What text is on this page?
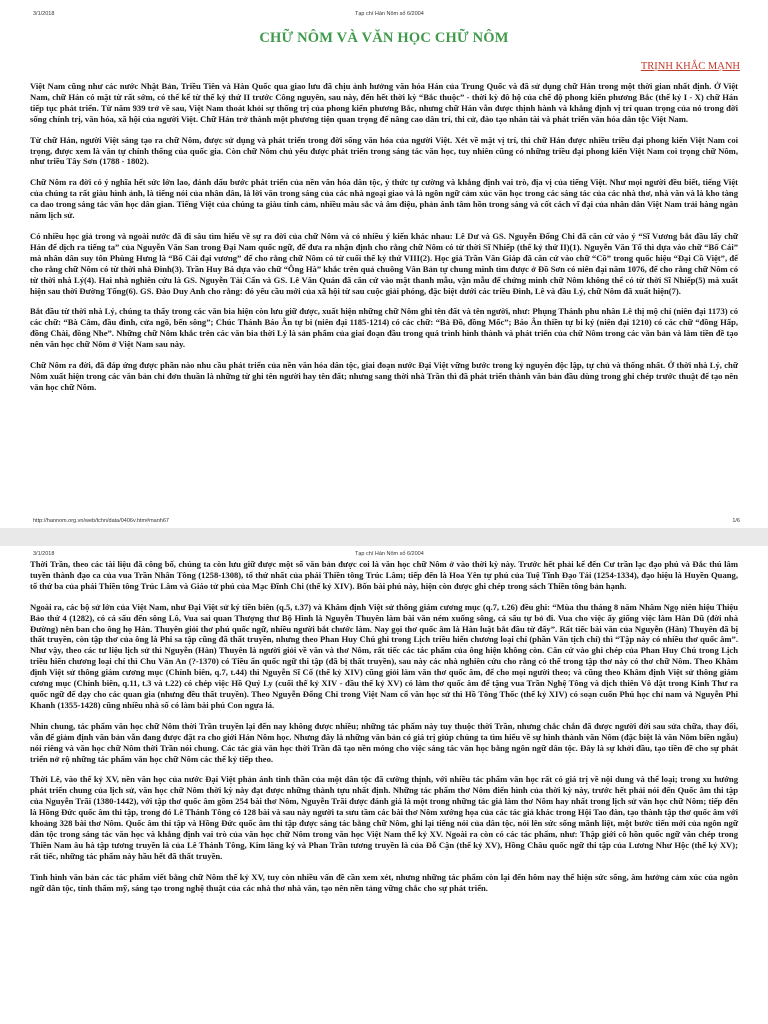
3/1/2018	Tạp chí Hán Nôm số 6/2004
CHỮ NÔM VÀ VĂN HỌC CHỮ NÔM
TRỊNH KHẮC MẠNH

Việt Nam cũng như các nước Nhật Bản, Triều Tiên và Hàn Quốc qua giao lưu đã chịu ảnh hưởng văn hóa Hán của Trung Quốc và đã sử dụng chữ Hán trong một thời gian nhất định. Ở Việt Nam, chữ Hán có mặt từ rất sớm, có thể kể từ thế kỷ thứ II trước Công nguyên, sau này, đến hết thời kỳ “Bắc thuộc” - thời kỳ đô hộ của chế độ phong kiến phương Bắc (thế kỷ I - X) chữ Hán tiếp tục phát triển. Từ năm 939 trở về sau, Việt Nam thoát khỏi sự thống trị của phong kiến phương Bắc, nhưng chữ Hán vẫn được thịnh hành và khẳng định vị trí quan trọng của nó trong đời sống chính trị, văn hóa, xã hội của người Việt. Chữ Hán trở thành một phương tiện quan trọng để nâng cao dân trí, thi cử, đào tạo nhân tài và phát triển văn hóa dân tộc Việt Nam.

Từ chữ Hán, người Việt sáng tạo ra chữ Nôm, được sử dụng và phát triển trong đời sống văn hóa của người Việt. Xét về mặt vị trí, thì chữ Hán được nhiều triều đại phong kiến Việt Nam coi trọng, được xem là văn tự chính thống của quốc gia. Còn chữ Nôm chủ yếu được phát triển trong sáng tác văn học, tuy nhiên cũng có những triều đại phong kiến Việt Nam coi trọng chữ Nôm, như triều Tây Sơn (1788 - 1802).

Chữ Nôm ra đời có ý nghĩa hết sức lớn lao, đánh dấu bước phát triển của nền văn hóa dân tộc, ý thức tự cường và khẳng định vai trò, địa vị của tiếng Việt. Như mọi người đều biết, tiếng Việt của chúng ta rất giàu hình ảnh, là tiếng nói của nhân dân, là lời văn trong sáng của các nhà ngoại giao và là ngôn ngữ cảm xúc văn học trong các sáng tác của các nhà thơ, nhà văn và là kho tàng ca dao trong sáng tác văn học dân gian. Tiếng Việt của chúng ta giàu tính cảm, nhiều màu sắc và âm điệu, phản ánh tâm hồn trong sáng và cốt cách vĩ đại của nhân dân Việt Nam trải hàng ngàn năm lịch sử.

Có nhiều học giả trong và ngoài nước đã đi sâu tìm hiểu về sự ra đời của chữ Nôm và có nhiều ý kiến khác nhau: Lê Dư và GS. Nguyễn Đổng Chi đã căn cứ vào ý “Sĩ Vương bắt đầu lấy chữ Hán để dịch ra tiếng ta” của Nguyễn Văn San trong Đại Nam quốc ngữ, để đưa ra nhận định cho rằng chữ Nôm có từ thời Sĩ Nhiếp (thế kỷ thứ II)(1). Nguyễn Văn Tố thì dựa vào chữ “Bố Cái” mà nhân dân suy tôn Phùng Hưng là “Bố Cái đại vương” để cho rằng chữ Nôm có từ cuối thế kỷ thứ VIII(2). Học giả Trần Văn Giáp đã căn cứ vào chữ “Cồ” trong quốc hiệu “Đại Cồ Việt”, để cho rằng chữ Nôm có từ thời nhà Đinh(3). Trần Huy Bá dựa vào chữ “Ông Hà” khắc trên quả chuông Vân Bản tự chung minh tìm được ở Đồ Sơn có niên đại năm 1076, để cho rằng chữ Nôm có từ thời nhà Lý(4). Hai nhà nghiên cứu là GS. Nguyễn Tài Cẩn và GS. Lê Văn Quán đã căn cứ vào mặt thanh mẫu, vận mẫu để chứng minh chữ Nôm không thể có từ thời Sĩ Nhiếp(5) mà xuất hiện sau thời Đường Tống(6). GS. Đào Duy Anh cho rằng: đó yếu cầu mới của xã hội từ sau cuộc giải phóng, đặc biệt dưới các triều Đinh, Lê và đầu Lý, chữ Nôm đã xuất hiện(7).

Bắt đầu từ thời nhà Lý, chúng ta thấy trong các văn bia hiện còn lưu giữ được, xuất hiện những chữ Nôm ghi tên đất và tên người, như: Phụng Thánh phu nhân Lê thị mộ chí (niên đại 1173) có các chữ: “Bà Câm, đầu đình, cửa ngõ, bến sông”; Chúc Thánh Báo Ân tự bi (niên đại 1185-1214) có các chữ: “Bà Đồ, đồng Mốc”; Báo Ân thiền tự bi ký (niên đại 1210) có các chữ “đồng Hấp, đồng Chài, đồng Nhe”. Những chữ Nôm khắc trên các văn bia thời Lý là sản phẩm của giai đoạn đầu trong quá trình hình thành và phát triển của chữ Nôm trong các văn bản và làm tiền đề tạo nên văn học chữ Nôm ở Việt Nam sau này.

Chữ Nôm ra đời, đã đáp ứng được phần nào nhu cầu phát triển của nền văn hóa dân tộc, giai đoạn nước Đại Việt vững bước trong kỷ nguyên độc lập, tự chủ và thống nhất. Ở thời nhà Lý, chữ Nôm xuất hiện trong các văn bản chỉ đơn thuần là những từ ghi tên người hay tên đất; nhưng sang thời nhà Trần thì đã phát triển thành văn bản đầu dùng trong ghi chép trước thuật để tạo nên văn học chữ Nôm.

http://hannom.org.vn/web/tchn/data/0406v.htm#manh67	1/6
3/1/2018	Tạp chí Hán Nôm số 6/2004

Thời Trần, theo các tài liệu đã công bố, chúng ta còn lưu giữ được một số văn bản được coi là văn học chữ Nôm ở vào thời kỳ này. Trước hết phải kể đến Cư trần lạc đạo phú và Đắc thú lâm tuyền thành đạo ca của vua Trần Nhân Tông (1258-1308), tổ thứ nhất của phái Thiền tông Trúc Lâm; tiếp đến là Hoa Yên tự phú của Tuệ Tĩnh Đạo Tái (1254-1334), đạo hiệu là Huyền Quang, tổ thứ ba của phái Thiền tông Trúc Lâm và Giáo tử phú của Mạc Đĩnh Chi (thế kỷ XIV). Bốn bài phú này, hiện còn được ghi chép trong sách Thiền tông bản hạnh.

Ngoài ra, các bộ sử lớn của Việt Nam, như Đại Việt sử ký tiền biên (q.5, t.37) và Khâm định Việt sử thông giám cương mục (q.7, t.26) đều ghi: “Mùa thu tháng 8 năm Nhâm Ngọ niên hiệu Thiệu Bảo thứ 4 (1282), có cá sấu đến sông Lô, Vua sai quan Thượng thư Bộ Hình là Nguyễn Thuyên làm bài văn ném xuống sông, cá sấu tự bỏ đi. Vua cho việc ấy giống việc làm Hàn Dũ (đời nhà Đường) nên ban cho ông họ Hàn. Thuyên giỏi thơ phú quốc ngữ, nhiều người bắt chước làm. Nay gọi thơ quốc âm là Hàn luật bắt đầu từ đấy”. Rất tiếc bài văn của Nguyễn (Hàn) Thuyên đã bị thất truyền, còn tập thơ của ông là Phi sa tập cũng đã thất truyền, nhưng theo Phan Huy Chú ghi trong Lịch triều hiến chương loại chí (phần Văn tịch chí) thì “Tập này có nhiều thơ quốc âm”. Như vậy, theo các tư liệu lịch sử thì Nguyễn (Hàn) Thuyên là người giỏi về văn và thơ Nôm, rất tiếc các tác phẩm của ông hiện không còn. Căn cứ vào ghi chép của Phan Huy Chú trong Lịch triều hiến chương loại chí thì Chu Văn An (?-1370) có Tiều ẩn quốc ngữ thi tập (đã bị thất truyền), sau này các nhà nghiên cứu cho rằng có thể trong tập thơ này có thơ chữ Nôm. Theo Khâm định Việt sử thông giám cương mục (Chính biên, q.7, t.44) thì Nguyễn Sĩ Cố (thế kỷ XIV) cũng giỏi làm văn thơ quốc âm, để cho mọi người theo; và cũng theo Khâm định Việt sử thông giám cương mục (Chính biên, q.11, t.3 và t.22) có chép việc Hồ Quý Ly (cuối thế kỷ XIV - đầu thế kỷ XV) có làm thơ quốc âm để tặng vua Trần Nghệ Tông và dịch thiên Vô dật trong Kinh Thư ra quốc ngữ để dạy cho các quan gia (nhưng đều thất truyền). Theo Nguyễn Đổng Chi trong Việt Nam cổ văn học sử thì Hồ Tông Thốc (thế kỷ XIV) có soạn cuốn Phú học chỉ nam và Nguyễn Phi Khanh (1355-1428) cũng nhiều nhà số có làm bài phú Con ngựa lá.

Nhìn chung, tác phẩm văn học chữ Nôm thời Trần truyền lại đến nay không được nhiều; những tác phẩm này tuy thuộc thời Trần, nhưng chắc chắn đã được người đời sau sửa chữa, thay đổi, vẫn để giảm định văn bản vẫn đang được đặt ra cho giới Hán Nôm học. Nhưng đây là những văn bản có giá trị giúp chúng ta tìm hiểu về sự hình thành văn Nôm (đặc biệt là văn Nôm biền ngẫu) nói riêng và văn học chữ Nôm thời Trần nói chung. Các tác giả văn học thời Trần đã tạo nền móng cho việc sáng tác văn học bằng ngôn ngữ dân tộc. Đây là sự khởi đầu, tạo tiền đề cho sự phát triển nở rộ những tác phẩm văn học chữ Nôm các thế kỷ tiếp theo.

Thời Lê, vào thế kỷ XV, nền văn học của nước Đại Việt phản ánh tinh thần của một dân tộc đã cường thịnh, với nhiều tác phẩm văn học rất có giá trị về nội dung và thể loại; trong xu hướng phát triển chung của lịch sử, văn học chữ Nôm thời kỳ này đạt được những thành tựu nhất định. Những tác phẩm thơ Nôm điển hình của thời kỳ này, trước hết phải nói đến Quốc âm thi tập của Nguyễn Trãi (1380-1442), với tập thơ quốc âm gồm 254 bài thơ Nôm, Nguyễn Trãi được đánh giá là một trong những tác giả làm thơ Nôm hay nhất trong lịch sử văn học chữ Nôm; tiếp đến là Hồng Đức quốc âm thi tập, trong đó Lê Thánh Tông có 128 bài và sau này người ta sưu tầm các bài thơ Nôm xướng họa của các tác giả khác trong Hội Tao đàn, tạo thành tập thơ quốc âm với khoảng 328 bài thơ Nôm. Quốc âm thi tập và Hồng Đức quốc âm thi tập được sáng tác bằng chữ Nôm, ghi lại tiếng nói của dân tộc, nói lên sức sống mãnh liệt, một bước tiến mới của ngôn ngữ dân tộc trong sáng tác văn học và khẳng định vai trò của văn học chữ Nôm trong văn học Việt Nam thế kỷ XV. Ngoài ra còn có các tác phẩm, như: Thập giới cô hồn quốc ngữ văn chép trong Thiền Nam âu hà tập tương truyền là của Lê Thánh Tông, Kim lăng ký và Phan Trần tương truyền là của Đỗ Cận (thế kỷ XV), Hồng Châu quốc ngữ thi tập của Lương Như Hộc (thế kỷ XV); rất tiếc, những tác phẩm này hầu hết đã thất truyền.

Tình hình văn bản các tác phẩm viết bằng chữ Nôm thế kỷ XV, tuy còn nhiều vấn đề cần xem xét, nhưng những tác phẩm còn lại đến hôm nay thể hiện sức sống, âm hưởng cảm xúc của ngôn ngữ dân tộc, tính thẩm mỹ, sáng tạo trong nghệ thuật của các nhà thơ nhà văn, tạo nên nền tảng vững chắc cho sự phát triển.
